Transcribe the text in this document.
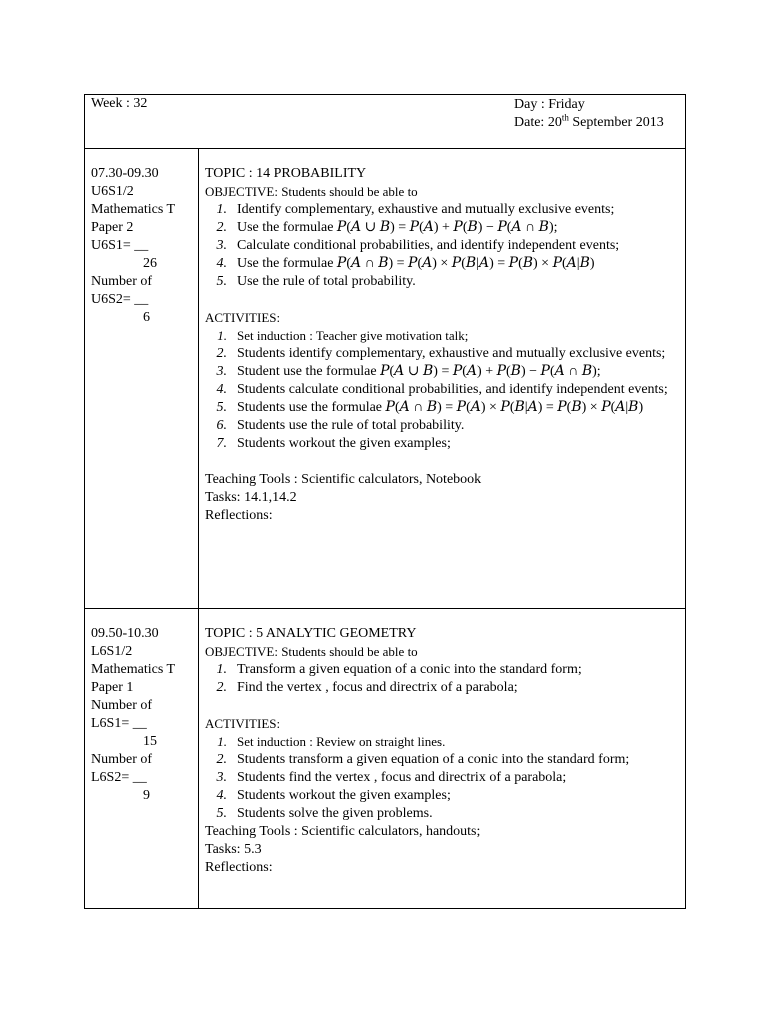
Week : 32	Day : Friday
Date: 20th September 2013
07.30-09.30
U6S1/2
Mathematics T
Paper 2
U6S1= __
26
Number of
U6S2= __
6
TOPIC : 14 PROBABILITY
OBJECTIVE: Students should be able to
1. Identify complementary, exhaustive and mutually exclusive events;
2. Use the formulae 𝑃(𝐴 ∪ 𝐵) = 𝑃(𝐴) + 𝑃(𝐵) − 𝑃(𝐴 ∩ 𝐵);
3. Calculate conditional probabilities, and identify independent events;
4. Use the formulae 𝑃(𝐴 ∩ 𝐵) = 𝑃(𝐴) × 𝑃(𝐵|𝐴) = 𝑃(𝐵) × 𝑃(𝐴|𝐵)
5. Use the rule of total probability.
ACTIVITIES:
1. Set induction : Teacher give motivation talk;
2. Students identify complementary, exhaustive and mutually exclusive events;
3. Student use the formulae 𝑃(𝐴 ∪ 𝐵) = 𝑃(𝐴) + 𝑃(𝐵) − 𝑃(𝐴 ∩ 𝐵);
4. Students calculate conditional probabilities, and identify independent events;
5. Students use the formulae 𝑃(𝐴 ∩ 𝐵) = 𝑃(𝐴) × 𝑃(𝐵|𝐴) = 𝑃(𝐵) × 𝑃(𝐴|𝐵)
6. Students use the rule of total probability.
7. Students workout the given examples;
Teaching Tools : Scientific calculators, Notebook
Tasks: 14.1,14.2
Reflections:
09.50-10.30
L6S1/2
Mathematics T
Paper 1
Number of
L6S1= __
15
Number of
L6S2= __
9
TOPIC : 5 ANALYTIC GEOMETRY
OBJECTIVE: Students should be able to
1. Transform a given equation of a conic into the standard form;
2. Find the vertex , focus and directrix of a parabola;
ACTIVITIES:
1. Set induction : Review on straight lines.
2. Students transform a given equation of a conic into the standard form;
3. Students find the vertex , focus and directrix of a parabola;
4. Students workout the given examples;
5. Students solve the given problems.
Teaching Tools : Scientific calculators, handouts;
Tasks: 5.3
Reflections:
